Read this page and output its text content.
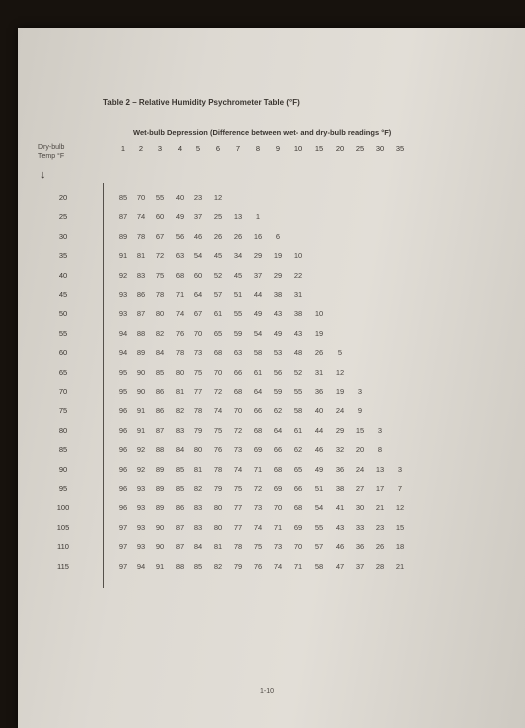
Table 2 – Relative Humidity Psychrometer Table (°F)
Wet-bulb Depression (Difference between wet- and dry-bulb readings °F)
Dry-bulb Temp °F
↓
1 2 3 4 5 6 7 8 9 10 15 20 25 30 35
20	85 70 55 40 23 12
25	87 74 60 49 37 25 13 1
30	89 78 67 56 46 26 26 16 6
35	91 81 72 63 54 45 34 29 19 10
40	92 83 75 68 60 52 45 37 29 22
45	93 86 78 71 64 57 51 44 38 31
50	93 87 80 74 67 61 55 49 43 38 10
55	94 88 82 76 70 65 59 54 49 43 19
60	94 89 84 78 73 68 63 58 53 48 26 5
65	95 90 85 80 75 70 66 61 56 52 31 12
70	95 90 86 81 77 72 68 64 59 55 36 19 3
75	96 91 86 82 78 74 70 66 62 58 40 24 9
80	96 91 87 83 79 75 72 68 64 61 44 29 15 3
85	96 92 88 84 80 76 73 69 66 62 46 32 20 8
90	96 92 89 85 81 78 74 71 68 65 49 36 24 13 3
95	96 93 89 85 82 79 75 72 69 66 51 38 27 17 7
100	96 93 89 86 83 80 77 73 70 68 54 41 30 21 12
105	97 93 90 87 83 80 77 74 71 69 55 43 33 23 15
110	97 93 90 87 84 81 78 75 73 70 57 46 36 26 18
115	97 94 91 88 85 82 79 76 74 71 58 47 37 28 21
1-10
